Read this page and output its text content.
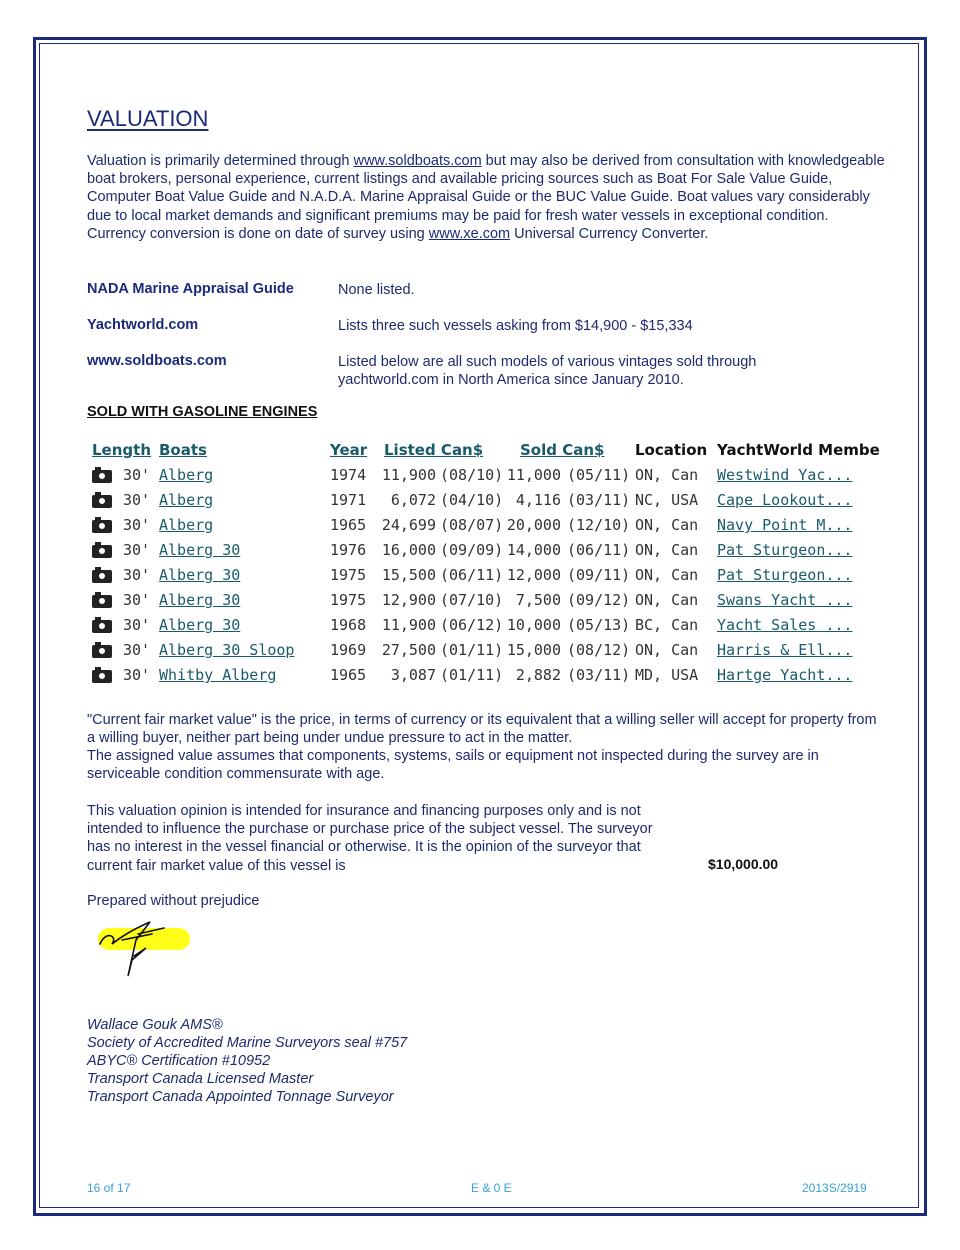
VALUATION
Valuation is primarily determined through www.soldboats.com but may also be derived from consultation with knowledgeable boat brokers, personal experience, current listings and available pricing sources such as Boat For Sale Value Guide, Computer Boat Value Guide and N.A.D.A. Marine Appraisal Guide or the BUC Value Guide. Boat values vary considerably due to local market demands and significant premiums may be paid for fresh water vessels in exceptional condition. Currency conversion is done on date of survey using www.xe.com Universal Currency Converter.
NADA Marine Appraisal Guide	None listed.
Yachtworld.com	Lists three such vessels asking from $14,900 - $15,334
www.soldboats.com	Listed below are all such models of various vintages sold through yachtworld.com in North America since January 2010.
SOLD WITH GASOLINE ENGINES
Length Boats	Year Listed Can$ Sold Can$ Location YachtWorld Membe
30' Alberg	1974	11,900 (08/10) 11,000 (05/11) ON, Can Westwind Yac...
30' Alberg	1971	6,072 (04/10) 4,116 (03/11) NC, USA Cape Lookout...
30' Alberg	1965	24,699 (08/07) 20,000 (12/10) ON, Can Navy Point M...
30' Alberg 30	1976	16,000 (09/09) 14,000 (06/11) ON, Can Pat Sturgeon...
30' Alberg 30	1975	15,500 (06/11) 12,000 (09/11) ON, Can Pat Sturgeon...
30' Alberg 30	1975	12,900 (07/10) 7,500 (09/12) ON, Can Swans Yacht ...
30' Alberg 30	1968	11,900 (06/12) 10,000 (05/13) BC, Can Yacht Sales ...
30' Alberg 30 Sloop 1969	27,500 (01/11) 15,000 (08/12) ON, Can Harris & Ell...
30' Whitby Alberg	1965	3,087 (01/11) 2,882 (03/11) MD, USA Hartge Yacht...
"Current fair market value" is the price, in terms of currency or its equivalent that a willing seller will accept for property from a willing buyer, neither part being under undue pressure to act in the matter.
The assigned value assumes that components, systems, sails or equipment not inspected during the survey are in serviceable condition commensurate with age.
This valuation opinion is intended for insurance and financing purposes only and is not intended to influence the purchase or purchase price of the subject vessel. The surveyor has no interest in the vessel financial or otherwise. It is the opinion of the surveyor that current fair market value of this vessel is	$10,000.00
Prepared without prejudice
Wallace Gouk AMS®
Society of Accredited Marine Surveyors seal #757
ABYC® Certification #10952
Transport Canada Licensed Master
Transport Canada Appointed Tonnage Surveyor
16 of 17	E & 0 E	2013S/2919
